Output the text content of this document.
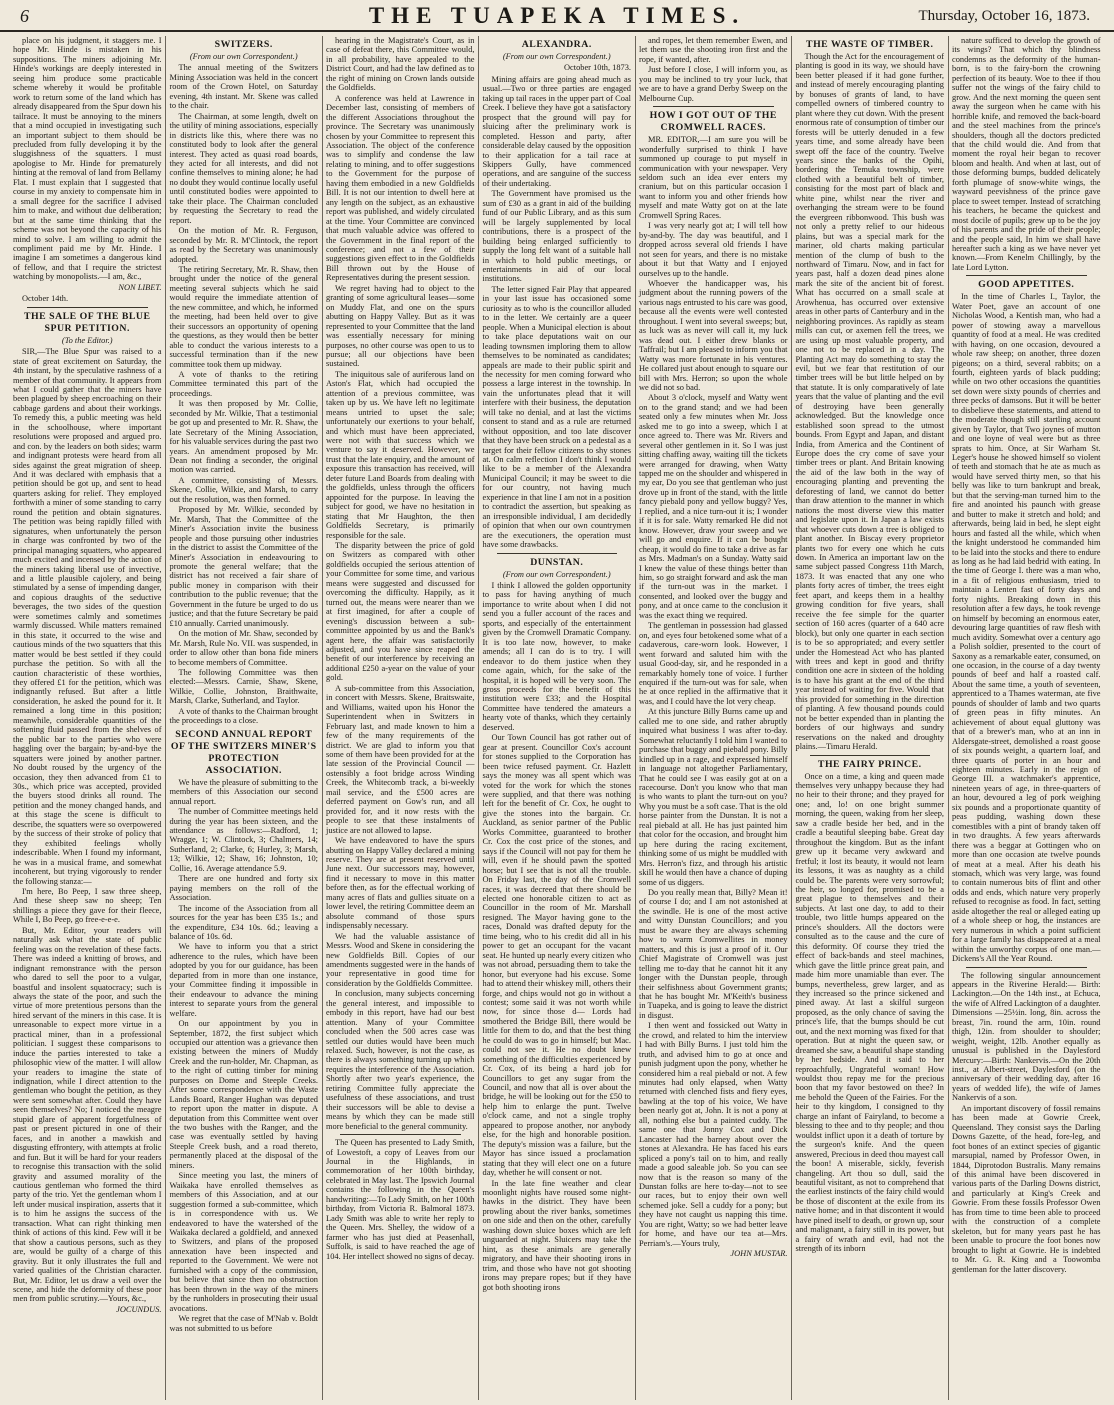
6	THE TUAPEKA TIMES.	Thursday, October 16, 1873.

place on his judgment, it staggers me. I hope Mr. Hinde is mistaken in his suppositions. The miners adjoining Mr. Hinde's workings are deeply interested in seeing him produce some practicable scheme whereby it would be profitable work to return some of the land which has already disappeared from the Spur down his tailrace. It must be annoying to the miners that a mind occupied in investigating such an important subject to them should be precluded from fully developing it by the sluggishness of the squatters. I must apologise to Mr. Hinde for prematurely hinting at the removal of land from Bellamy Flat. I must explain that I suggested that course in my anxiety to compensate him in a small degree for the sacrifice I advised him to make, and without due deliberation; but at the same time thinking that the scheme was not beyond the capacity of his mind to solve. I am willing to admit the compliment paid me by Mr. Hinde. I imagine I am sometimes a dangerous kind of fellow, and that I require the strictest watching by monopolists.—I am, &c.,

NON LIBET.

October 14th.

THE SALE OF THE BLUE SPUR PETITION.
(To the Editor.)

SIR,—The Blue Spur was raised to a state of great excitement on Saturday, the 4th instant, by the speculative rashness of a member of that community. It appears from what I could gather that the miners have been plagued by sheep encroaching on their cabbage gardens and about their workings. To remedy this, a public meeting was held in the schoolhouse, where important resolutions were proposed and argued pro. and con. by the leaders on both sides; warm and indignant protests were heard from all sides against the great migration of sheep. And it was declared with emphasis that a petition should be got up, and sent to head quarters asking for relief. They employed forthwith a miner of some standing to carry round the petition and obtain signatures. The petition was being rapidly filled with signatures, when unfortunately the person in charge was confronted by two of the principal managing squatters, who appeared much excited and incensed by the action of the miners taking liberal use of invective, and a little plausible cajolery, and being stimulated by a sense of impending danger, and copious draughts of the seductive beverages, the two sides of the question were sometimes calmly and sometimes warmly discussed. While matters remained in this state, it occurred to the wise and cautious minds of the two squatters that this matter would be best settled if they could purchase the petition. So with all the caution characteristic of these worthies, they offered £1 for the petition, which was indignantly refused. But after a little consideration, he asked the pound for it. It remained a long time in this position; meanwhile, considerable quantities of the softening fluid passed from the shelves of the public bar to the parties who were haggling over the bargain; by-and-bye the squatters were joined by another partner. No doubt roused by the urgency of the occasion, they then advanced from £1 to 30s., which price was accepted, provided the buyers stood drinks all round. The petition and the money changed hands, and at this stage the scene is difficult to describe, the squatters were so overpowered by the success of their stroke of policy that they exhibited feelings wholly indescribable. When I found my informant, he was in a musical frame, and somewhat incoherent, but trying vigorously to render the following stanza:—

I'm here, Bo Peep, I saw three sheep, And these sheep saw no sheep; Ten shillings a piece they gave for their fleece, While I, Bo Peep, go free-e-e-e.

But, Mr. Editor, your readers will naturally ask what the state of public feeling was on the revelation of these facts. There was indeed a knitting of brows, and indignant remonstrance with the person who dared to sell the poor to a vulgar, boastful and insolent squatocracy; such is always the state of the poor, and such the virtue of more pretentious persons than the hired servant of the miners in this case. It is unreasonable to expect more virtue in a practical miner, than in a professional politician. I suggest these comparisons to induce the parties interested to take a philosophic view of the matter. I will allow your readers to imagine the state of indignation, while I direct attention to the gentleman who bought the petition, as they were sent somewhat after. Could they have seen themselves? No; I noticed the meagre stupid glare of apparent forgetfulness of past or present pictured in one of their faces, and in another a mawkish and disgusting effrontery, with attempts at frolic and fun. But it will be hard for your readers to recognise this transaction with the solid gravity and assumed morality of the cautious gentleman who formed the third party of the trio. Yet the gentleman whom I left under musical inspiration, asserts that it is to him he assigns the success of the transaction. What can right thinking men think of actions of this kind. Few will it be that show a cautious persons, such as they are, would be guilty of a charge of this gravity. But it only illustrates the full and varied qualities of the Christian character. But, Mr. Editor, let us draw a veil over the scene, and hide the deformity of these poor men from public scrutiny.—Yours, &c.,

JOCUNDUS.
SWITZERS.
(From our own Correspondent.)

The annual meeting of the Switzers Mining Association was held in the concert room of the Crown Hotel, on Saturday evening, 4th instant. Mr. Skene was called to the chair.

The Chairman, at some length, dwelt on the utility of mining associations, especially in districts like this, where there was no constituted body to look after the general interest. They acted as quasi road boards, they acted for all interests, and did not confine themselves to mining alone; he had no doubt they would continue locally useful until constituted bodies were appointed to take their place. The Chairman concluded by requesting the Secretary to read the report.

On the motion of Mr. R. Ferguson, seconded by Mr. R. M'Clintock, the report as read by the Secretary was unanimously adopted.

The retiring Secretary, Mr. R. Shaw, then brought under the notice of the general meeting several subjects which he said would require the immediate attention of the new committee, and which, he informed the meeting, had been held over to give their successors an opportunity of opening the questions, as they would then be better able to conduct the various interests to a successful termination than if the new committee took them up midway.

A vote of thanks to the retiring Committee terminated this part of the proceedings.

It was then proposed by Mr. Collie, seconded by Mr. Wilkie, That a testimonial be got up and presented to Mr. R. Shaw, the late Secretary of the Mining Association, for his valuable services during the past two years. An amendment proposed by Mr. Dean not finding a seconder, the original motion was carried.

A committee, consisting of Messrs. Skene, Collie, Wilkie, and Marsh, to carry out the resolution, was then formed.

Proposed by Mr. Wilkie, seconded by Mr. Marsh, That the Committee of the Miner's Association invite the business people and those pursuing other industries in the district to assist the Committee of the Miner's Association in endeavouring to promote the general welfare; that the district has not received a fair share of public money in comparison with their contribution to the public revenue; that the Government in the future be urged to do us justice; and that the future Secretary be paid £10 annually. Carried unanimously.

On the motion of Mr. Shaw, seconded by Mr. Marsh, Rule No. VII. was suspended, in order to allow other than bona fide miners to become members of Committee.

The following Committee was then elected:—Messrs. Carnie, Shaw, Skene, Wilkie, Collie, Johnston, Braithwaite, Marsh, Clarke, Sutherland, and Taylor.

A vote of thanks to the Chairman brought the proceedings to a close.

SECOND ANNUAL REPORT OF THE SWITZERS MINER'S PROTECTION ASSOCIATION.

We have the pleasure of submitting to the members of this Association our second annual report.

The number of Committee meetings held during the year has been sixteen, and the attendance as follows:—Radford, 1; Wragge, 1; W. Clintock, 3; Chalmers, 14; Sutherland, 2; Clarke, 6; Hurley, 3; Marsh, 13; Wilkie, 12; Shaw, 16; Johnston, 10; Collie, 16. Average attendance 5.9.

There are one hundred and forty six paying members on the roll of the Association.

The income of the Association from all sources for the year has been £35 1s.; and the expenditure, £34 10s. 6d.; leaving a balance of 10s. 6d.

We have to inform you that a strict adherence to the rules, which have been adopted by you for our guidance, has been departed from in more than one instance, your Committee finding it impossible in their endeavour to advance the mining interest to separate yours from the general welfare.

On our appointment by you in September, 1872, the first subject which occupied our attention was a grievance then existing between the miners of Muddy Creek and the run-holder, Mr. Chapman, as to the right of cutting timber for mining purposes on Dome and Steeple Creeks. After some correspondence with the Waste Lands Board, Ranger Hughan was deputed to report upon the matter in dispute. A deputation from this Committee went over the two bushes with the Ranger, and the case was eventually settled by having Steeple Creek bush, and a road thereto, permanently placed at the disposal of the miners.

Since meeting you last, the miners of Waikaka have enrolled themselves as members of this Association, and at our suggestion formed a sub-committee, which is in correspondence with us. We endeavored to have the watershed of the Waikaka declared a goldfield, and annexed to Switzers, and plans of the proposed annexation have been inspected and reported to the Government. We were not furnished with a copy of the commission, but believe that since then no obstruction has been thrown in the way of the miners by the runholders in prosecuting their usual avocations.

We regret that the case of M'Nab v. Boldt was not submitted to us before

hearing in the Magistrate's Court, as in case of defeat there, this Committee would, in all probability, have appealed to the District Court, and had the law defined as to the right of mining on Crown lands outside the Goldfields.

A conference was held at Lawrence in December last, consisting of members of the different Associations throughout the province. The Secretary was unanimously chosen by your Committee to represent this Association. The object of the conference was to simplify and condense the law relating to mining, and to offer suggestions to the Government for the purpose of having them embodied in a new Goldfields Bill. It is not our intention to dwell here at any length on the subject, as an exhaustive report was published, and widely circulated at the time. Your Committee are convinced that much valuable advice was offered to the Government in the final report of the conference; and not a few of their suggestions given effect to in the Goldfields Bill thrown out by the House of Representatives during the present session.

We regret having had to object to the granting of some agricultural leases—some on Muddy Flat, and one on the spurs abutting on Happy Valley. But as it was represented to your Committee that the land was essentially necessary for mining purposes, no other course was open to us to pursue; all our objections have been sustained.

The iniquitous sale of auriferous land on Aston's Flat, which had occupied the attention of a previous committee, was taken up by us. We have left no legitimate means untried to upset the sale; unfortunately our exertions to your behalf, and which must have been appreciated, were not with that success which we venture to say it deserved. However, we trust that the late enquiry, and the amount of exposure this transaction has received, will deter future Land Boards from dealing with the goldfields, unless through the officers appointed for the purpose. In leaving the subject for good, we have no hesitation in stating that Mr Haughton, the then Goldfields Secretary, is primarily responsible for the sale.

The disparity between the price of gold on Switzers as compared with other goldfields occupied the serious attention of your Committee for some time, and various means were suggested and discussed for overcoming the difficulty. Happily, as it turned out, the means were nearer than we at first imagined, for after a couple of evening's discussion between a sub-committee appointed by us and the Bank's agent here, the affair was satisfactorily adjusted, and you have since reaped the benefit of our interference by receiving an additional £250 a-year on the value of your gold.

A sub-committee from this Association, in concert with Messrs. Skene, Braitswaite, and Williams, waited upon his Honor the Superintendent when in Switzers in February last, and made known to him a few of the many requirements of the district. We are glad to inform you that some of them have been provided for at the late session of the Provincial Council —ostensibly a foot bridge across Winding Creek, the Whitecomb track, a bi-weekly mail service, and the £500 acres are deferred payment on Gow's run, and all provided for, and it now rests with the people to see that these instalments of justice are not allowed to lapse.

We have endeavored to have the spurs abutting on Happy Valley declared a mining reserve. They are at present reserved until June next. Our successors may, however, find it necessary to move in this matter before then, as for the effectual working of many acres of flats and gullies situate on a lower level, the retiring Committee deem an absolute command of those spurs indispensably necessary.

We had the valuable assistance of Messrs. Wood and Skene in considering the new Goldfields Bill. Copies of our amendments suggested were in the hands of your representative in good time for consideration by the Goldfields Committee.

In conclusion, many subjects concerning the general interest, and impossible to embody in this report, have had our best attention. Many of your Committee concluded when the 500 acres case was settled our duties would have been much relaxed. Such, however, is not the case, as there is always something turning up which requires the interference of the Association. Shortly after two year's experience, the retiring Committee fully appreciate the usefulness of these associations, and trust their successors will be able to devise a means by which they can be made still more beneficial to the general community.

The Queen has presented to Lady Smith, of Lowestoft, a copy of Leaves from our Journal in the Highlands, in commemoration of her 100th birthday, celebrated in May last. The Ipswich Journal contains the following in the Queen's handwriting:—To Lady Smith, on her 100th birthday, from Victoria R. Balmoral 1873. Lady Smith was able to write her reply to the Queen. Mrs. Shelley, the widow of a farmer who has just died at Peasenhall, Suffolk, is said to have reached the age of 104. Her intellect showed no signs of decay.

ALEXANDRA.
(From our own Correspondent.)
October 10th, 1873.

Mining affairs are going ahead much as usual.—Two or three parties are engaged taking up tail races in the upper part of Coal Creek. I believe they have got a satisfactory prospect that the ground will pay for sluicing after the preliminary work is completed. Hesson and party, after considerable delay caused by the opposition to their application for a tail race at Skippers Gully, have commenced operations, and are sanguine of the success of their undertaking.

The Government have promised us the sum of £30 as a grant in aid of the building fund of our Public Library, and as this sum will be largely supplemented by local contributions, there is a prospect of the building being enlarged sufficiently to supply the long felt want of a suitable hall in which to hold public meetings, or entertainments in aid of our local institutions.

The letter signed Fair Play that appeared in your last issue has occasioned some curiosity as to who is the councillor alluded to in the letter. We certainly are a queer people. When a Municipal election is about to take place deputations wait on our leading townsmen imploring them to allow themselves to be nominated as candidates; appeals are made to their public spirit and the necessity for men coming forward who possess a large interest in the township. In vain the unfortunates plead that it will interfere with their business, the deputation will take no denial, and at last the victims consent to stand and as a rule are returned without opposition, and too late discover that they have been struck on a pedestal as a target for their fellow citizens to shy stones at. On calm reflection I don't think I would like to be a member of the Alexandra Municipal Council; it may be sweet to die for our country, not having much experience in that line I am not in a position to contradict the assertion, but speaking as an irresponsible individual, I am decidedly of opinion that when our own countrymen are the executioners, the operation must have some drawbacks.

DUNSTAN.
(From our own Correspondent.)

I think I allowed the golden opportunity to pass for having anything of much importance to write about when I did not send you a fuller account of the races and sports, and especially of the entertainment given by the Cromwell Dramatic Company. It is too late now, however, to make amends; all I can do is to try. I will endeavor to do them justice when they come again, which, for the sake of the hospital, it is hoped will be very soon. The gross proceeds for the benefit of this institution were £33; and the Hospital Committee have tendered the amateurs a hearty vote of thanks, which they certainly deserved.

Our Town Council has got rather out of gear at present. Councillor Cox's account for stones supplied to the Corporation has been twice refused payment. Cr. Hazlett says the money was all spent which was voted for the work for which the stones were supplied, and that there was nothing left for the benefit of Cr. Cox, he ought to give the stones into the bargain. Cr. Auckland, as senior partner of the Public Works Committee, guaranteed to brother Cr. Cox the cost price of the stones, and says if the Council will not pay for them he will, even if he should pawn the spotted horse; but I see that is not all the trouble. On Friday last, the day of the Cromwell races, it was decreed that there should be elected one honorable citizen to act as Councillor in the room of Mr. Marshall resigned. The Mayor having gone to the races, Donald was drafted deputy for the time being, who to his credit did all in his power to get an occupant for the vacant seat. He hunted up nearly every citizen who was not abroad, persuading them to take the honor, but everyone had his excuse. Some had to attend their whiskey mill, others their forge, and chips would not go in without a contest; some said it was not worth while now, for since those d— Lords had smothered the Bridge Bill, there would be little for them to do, and that the best thing he could do was to go in himself; but Mac. could not see it. He no doubt knew something of the difficulties experienced by Cr. Cox, of its being a hard job for Councillors to get any sugar from the Council, and now that all is over about the bridge, he will be looking out for the £50 to help him to enlarge the punt. Twelve o'clock came, and not a single trophy appeared to propose another, nor anybody else, for the high and honorable position. The deputy's mission was a failure, but the Mayor has since issued a proclamation stating that they will elect one on a future day, whether he will consent or not.

In the late fine weather and clear moonlight nights have roused some night-hawks in the district. They have been prowling about the river banks, sometimes on one side and then on the other, carefully washing down sluice boxes which are left unguarded at night. Sluicers may take the hint, as these animals are generally migratory, and have their shooting irons in trim, and those who have not got shooting irons may prepare ropes; but if they have got both shooting irons

and ropes, let them remember Ewen, and let them use the shooting iron first and the rope, if wanted, after.

Just before I close, I will inform you, as you may be inclined to try your luck, that we are to have a grand Derby Sweep on the Melbourne Cup.

HOW I GOT OUT OF THE CROMWELL RACES.

MR. EDITOR,—I am sure you will be wonderfully surprised to think I have summoned up courage to put myself in communication with your newspaper. Very seldom such an idea ever enters my cranium, but on this particular occasion I want to inform you and other friends how myself and mate Watty got on at the late Cromwell Spring Races.

I was very nearly got at; I will tell how by-and-by. The day was beautiful, and I dropped across several old friends I have not seen for years, and there is no mistake about it but that Watty and I enjoyed ourselves up to the handle.

Whoever the handicapper was, his judgment about the running powers of the various nags entrusted to his care was good, because all the events were well contested throughout. I went into several sweeps; but, as luck was as never will call it, my luck was dead out. I either drew blanks or Taffrail; but I am pleased to inform you that Watty was more fortunate in his ventures. He collared just about enough to square our bill with Mrs. Herron; so upon the whole we did not so bad.

About 3 o'clock, myself and Watty went on to the grand stand; and we had been seated only a few minutes when Mr. Joss asked me to go into a sweep, which I at once agreed to. There was Mr. Rivers and several other gentlemen in it. So I was just sitting chaffing away, waiting till the tickets were arranged for drawing, when Watty tapped me on the shoulder and whispered in my ear, Do you see that gentleman who just drove up in front of the stand, with the little fancy piebald pony and yellow buggy? Yes, I replied, and a nice turn-out it is; I wonder if it is for sale. Watty remarked He did not know. However, draw your sweep and we will go and enquire. If it can be bought cheap, it would do fine to take a drive as far as Mrs. Madman's on a Sunday. Watty said I knew the value of these things better than him, so go straight forward and ask the man if the turn-out was in the market. I consented, and looked over the buggy and pony, and at once came to the conclusion it was the exact thing we required.

The gentleman in possession had glassed on, and eyes four betokened some what of a cadaverous, care-worn look. However, I went forward and saluted him with the usual Good-day, sir, and he responded in a remarkably homely tone of voice. I further enquired if the turn-out was for sale, when he at once replied in the affirmative that it was, and I could have the lot very cheap.

At this juncture Billy Burns came up and called me to one side, and rather abruptly inquired what business I was after to-day. Somewhat reluctantly I told him I wanted to purchase that buggy and piebald pony. Billy kindled up in a rage, and expressed himself in language not altogether Parliamentary, That he could see I was easily got at on a racecourse. Don't you know who that man is who wants to plant the turn-out on you? Why you must be a soft case. That is the old horse painter from the Dunstan. It is not a real piebald at all. He has just painted him that color for the occasion, and brought him up here during the racing excitement, thinking some of us might be muddled with Mrs. Herron's fizz, and through his artistic skill he would then have a chance of duping some of us diggers.

Do you really mean that, Billy? Mean it! of course I do; and I am not astonished at the swindle. He is one of the most active and witty Dunstan Councillors; and you must be aware they are always scheming how to warm Cromwellites in money matters, and this is just a proof of it. Our Chief Magistrate of Cromwell was just telling me to-day that he cannot hit it any longer with the Dunstan people, through their selfishness about Government grants; that he has bought Mr. M'Keith's business in Tuapeka, and is going to leave the district in disgust.

I then went and fossicked out Watty in the crowd, and related to him the interview I had with Billy Burns. I just told him the truth, and advised him to go at once and punish judgment upon the pony, whether he considered him a real piebald or not. A few minutes had only elapsed, when Watty returned with clenched fists and fiery eyes, bawling at the top of his voice, We have been nearly got at, John. It is not a pony at all, nothing else but a painted cuddy. The same one that Jonny Cox and Dick Lancaster had the barney about over the stones at Alexandra. He has faced his ears spliced a pony's tail on to him, and really made a good saleable job. So you can see now that is the reason so many of the Dunstan folks are here to-day—not to see our races, but to enjoy their own well schemed joke. Sell a cuddy for a pony; but they have not caught us napping this time. You are right, Watty; so we had better leave for home, and have our tea at—Mrs. Perriam's.—Yours truly,

JOHN MUSTAR.
THE WASTE OF TIMBER.

Though the Act for the encouragement of planting is good in its way, we should have been better pleased if it had gone further, and instead of merely encouraging planting by bonuses of grants of land, to have compelled owners of timbered country to plant where they cut down. With the present enormous rate of consumption of timber our forests will be utterly denuded in a few years time, and some already have been swept off the face of the country. Twelve years since the banks of the Opihi, bordering the Temuka township, were clothed with a beautiful belt of timber, consisting for the most part of black and white pine, whilst near the river and overhanging the stream were to be found the evergreen ribbonwood. This bush was not only a pretty relief to our hideous plains, but was a special mark for the mariner, old charts making particular mention of the clump of bush to the northward of Timaru. Now, and in fact for years past, half a dozen dead pines alone mark the site of the ancient bit of forest. What has occurred on a small scale at Arowhenua, has occurred over extensive areas in other parts of Canterbury and in the neighboring provinces. As rapidly as steam mills can cut, or axemen fell the trees, we are using up most valuable property, and one not to be replaced in a day. The Planting Act may do something to stay the evil, but we fear that restitution of our timber trees will be but little helped on by that statute. It is only comparatively of late years that the value of planting and the evil of destroying have been generally acknowledged. But the knowledge once established soon spread to the utmost bounds. From Egypt and Japan, and distant India, from America and the Continent of Europe does the cry come of save your timber trees or plant. And Britain knowing the aid of the law both in the way of encouraging planting and preventing the deforesting of land, we cannot do better than draw attention to the manner in which nations the most diverse view this matter and legislate upon it. In Japan a law exists that whoever cuts down a tree is obliged to plant another. In Biscay every proprietor plants two for every one which he cuts down. In America an important law on the same subject passed Congress 11th March, 1873. It was enacted that any one who plants forty acres of timber, the trees eight feet apart, and keeps them in a healthy growing condition for five years, shall receive the fee simple for the quarter section of 160 acres (quarter of a 640 acre block), but only one quarter in each section is to be so appropriated; and every settler under the Homestead Act who has planted with trees and kept in good and thrifty condition one acre in sixteen of the holding is to have his grant at the end of the third year instead of waiting for five. Would that this provided for something in the direction of planting. A few thousand pounds could not be better expended than in planting the borders of our highways and sundry reservations on the naked and droughty plains.—Timaru Herald.

THE FAIRY PRINCE.

Once on a time, a king and queen made themselves very unhappy because they had no heir to their throne; and they prayed for one; and, lo! on one bright summer morning, the queen, waking from her sleep, saw a cradle beside her bed, and in the cradle a beautiful sleeping babe. Great day throughout the kingdom. But as the infant grew up it became very awkward and fretful; it lost its beauty, it would not learn its lessons, it was as naughty as a child could be. The parents were very sorrowful; the heir, so longed for, promised to be a great plague to themselves and their subjects. At last one day, to add to their trouble, two little humps appeared on the prince's shoulders. All the doctors were consulted as to the cause and the cure of this deformity. Of course they tried the effect of back-bands and steel machines, which gave the little prince great pain, and made him more unamiable than ever. The bumps, nevertheless, grew larger, and as they increased so the prince sickened and pined away. At last a skilful surgeon proposed, as the only chance of saving the prince's life, that the bumps should be cut out, and the next morning was fixed for that operation. But at night the queen saw, or dreamed she saw, a beautiful shape standing by her bedside. And it said to her reproachfully, Ungrateful woman! How wouldst thou repay me for the precious boon that my favor bestowed on thee? In me behold the Queen of the Fairies. For the heir to thy kingdom, I consigned to thy charge an infant of Fairyland, to become a blessing to thee and to thy people; and thou wouldst inflict upon it a death of torture by the surgeon's knife. And the queen answered, Precious in deed thou mayest call the boon! A miserable, sickly, feverish changeling. Art thou so dull, said the beautiful visitant, as not to comprehend that the earliest instincts of the fairy child would be those of discontent at the exile from its native home; and in that discontent it would have pined itself to death, or grown up, sour and malignant, a fairy still in its power, but a fairy of wrath and evil, had not the strength of its inborn

nature sufficed to develop the growth of its wings? That which thy blindness condemns as the deformity of the human-born, is to the fairy-born the crowning perfection of its beauty. Woe to thee if thou suffer not the wings of the fairy child to grow. And the next morning the queen sent away the surgeon when he came with his horrible knife, and removed the back-board and the steel machines from the prince's shoulders, though all the doctors predicted that the child would die. And from that moment the royal heir began to recover bloom and health. And when at last, out of those deforming bumps, budded delicately forth plumage of snow-white wings, the wayward peevishness of the prince gave place to sweet temper. Instead of scratching his teachers, he became the quickest and most docile of pupils; grew up to be the joy of his parents and the pride of their people; and the people said, In him we shall have hereafter such a king as we have never yet known.—From Kenelm Chillingly, by the late Lord Lytton.

GOOD APPETITES.

In the time of Charles I., Taylor, the Water Poet, gave an account of one Nicholas Wood, a Kentish man, who had a power of stowing away a marvellous quantity of food at a meal. He was credited with having, on one occasion, devoured a whole raw sheep; on another, three dozen pigeons; on a third, several rabbits; on a fourth, eighteen yards of black pudding; while on two other occasions the quantities set down were sixty pounds of cherries and three pecks of damsons. But it will be better to disbelieve these statements, and attend to the moderate though still startling account given by Taylor, that Two joynes of mutton and one loyne of veal were but as three sprats to him. Once, at Sir Warham St. Leger's house he showed himself so violent of teeth and stomach that he ate as much as would have served thirty men, so that his belly was like to turn bankrupt and break, but that the serving-man turned him to the fire and anointed his paunch with grease and butter to make it stretch and hold; and afterwards, being laid in bed, he slept eight hours and fasted all the while, which when the knight understood he commanded him to be laid into the stocks and there to endure as long as he had laid bedrid with eating. In the time of George I. there was a man who, in a fit of religious enthusiasm, tried to maintain a Lenten fast of forty days and forty nights. Breaking down in this resolution after a few days, he took revenge on himself by becoming an enormous eater, devouring large quantities of raw flesh with much avidity. Somewhat over a century ago a Polish soldier, presented to the court of Saxony as a remarkable eater, consumed, on one occasion, in the course of a day twenty pounds of beef and half a roasted calf. About the same time, a youth of seventeen, apprenticed to a Thames waterman, ate five pounds of shoulder of lamb and two quarts of green peas in fifty minutes. An achievement of about equal gluttony was that of a brewer's man, who at an inn in Aldersgate-street, demolished a roast goose of six pounds weight, a quartern loaf, and three quarts of porter in an hour and eighteen minutes. Early in the reign of George III. a watchmaker's apprentice, nineteen years of age, in three-quarters of an hour, devoured a leg of pork weighing six pounds and a proportionate quantity of peas pudding, washing down these comestibles with a pint of brandy taken off in two draughts. A few years afterwards there was a beggar at Gottingen who on more than one occasion ate twelve pounds of meat at a meal. After his death his stomach, which was very large, was found to contain numerous bits of flint and other odds and ends, which nature very properly refused to recognise as food. In fact, setting aside altogether the real or alleged eating up of a whole sheep or hog, the instances are very numerous in which a point sufficient for a large family has disappeared at a meal within the unworthy corpus of one man.—Dickens's All the Year Round.

The following singular announcement appears in the Riverine Herald:— Birth: Lackington.—On the 14th inst., at Echuca, the wife of Alfred Lackington of a daughter. Dimensions —25½in. long, 8in. across the breast, 7in. round the arm, 10in. round thigh, 12in. from shoulder to shoulder; weight, weight, 12lb. Another equally as unusual is published in the Daylesford Mercury:—Birth: Nankervis.—On the 20th inst., at Albert-street, Daylesford (on the anniversary of their wedding day, after 16 years of wedded life), the wife of James Nankervis of a son.

An important discovery of fossil remains has been made at Gowrie Creek, Queensland. They consist says the Darling Downs Gazette, of the head, fore-leg, and foot bones of an extinct species of gigantic marsupial, named by Professor Owen, in 1844, Diprotodon Bustralis. Many remains of this animal have been discovered in various parts of the Darling Downs district, and particularly at King's Creek and Gowrie. From these fossils Professor Owen has from time to time been able to proceed with the construction of a complete skeleton, but for many years past he has been unable to procure the foot bones now brought to light at Gowrie. He is indebted to Mr. G. R. King and a Toowomba gentleman for the latter discovery.
